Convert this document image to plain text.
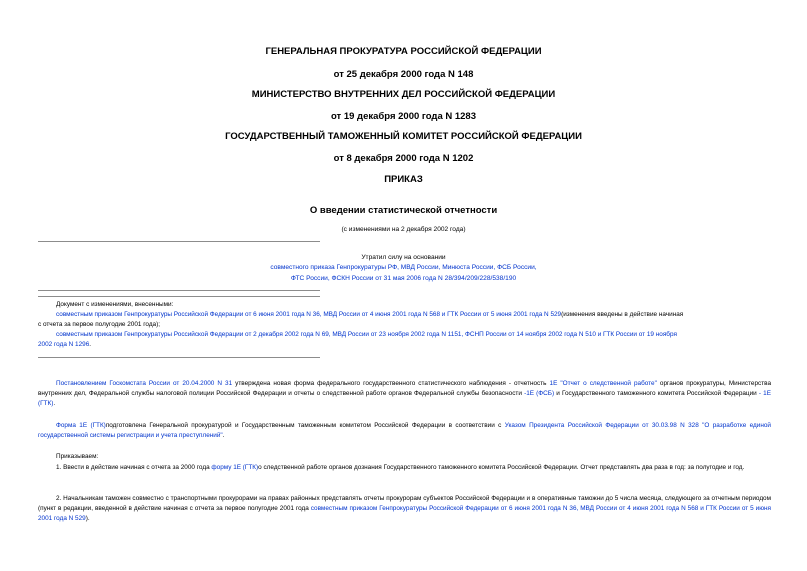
ГЕНЕРАЛЬНАЯ ПРОКУРАТУРА РОССИЙСКОЙ ФЕДЕРАЦИИ
от 25 декабря 2000 года N 148
МИНИСТЕРСТВО ВНУТРЕННИХ ДЕЛ РОССИЙСКОЙ ФЕДЕРАЦИИ
от 19 декабря 2000 года N 1283
ГОСУДАРСТВЕННЫЙ ТАМОЖЕННЫЙ КОМИТЕТ РОССИЙСКОЙ ФЕДЕРАЦИИ
от 8 декабря 2000 года N 1202
ПРИКАЗ
О введении статистической отчетности
(с изменениями на 2 декабря 2002 года)
Утратил силу на основании
совместного приказа Генпрокуратуры РФ, МВД России, Минюста России, ФСБ России,
ФТС России, ФСКН России от 31 мая 2006 года N 28/394/209/228/538/190
Документ с изменениями, внесенными:
совместным приказом Генпрокуратуры Российской Федерации от 6 июня 2001 года N 36, МВД России от 4 июня 2001 года N 568 и ГТК России от 5 июня 2001 года N 529(изменения введены в действие начиная
с отчета за первое полугодие 2001 года);
совместным приказом Генпрокуратуры Российской Федерации от 2 декабря 2002 года N 69, МВД России от 23 ноября 2002 года N 1151, ФСНП России от 14 ноября 2002 года N 510 и ГТК России от 19 ноября
2002 года N 1296.
Постановлением Госкомстата России от 20.04.2000 N 31 утверждена новая форма федерального государственного статистического наблюдения - отчетность 1Е "Отчет о следственной работе" органов прокуратуры, Министерства внутренних дел, Федеральной службы налоговой полиции Российской Федерации и отчеты о следственной работе органов Федеральной службы безопасности -1Е (ФСБ) и Государственного таможенного комитета Российской Федерации - 1Е (ГТК).
Форма 1Е (ГТК)подготовлена Генеральной прокуратурой и Государственным таможенным комитетом Российской Федерации в соответствии с Указом Президента Российской Федерации от 30.03.98 N 328 "О разработке единой государственной системы регистрации и учета преступлений".
Приказываем:
1. Ввести в действие начиная с отчета за 2000 года форму 1Е (ГТК)о следственной работе органов дознания Государственного таможенного комитета Российской Федерации. Отчет представлять два раза в год: за полугодие и год.
2. Начальникам таможен совместно с транспортными прокурорами на правах районных представлять отчеты прокурорам субъектов Российской Федерации и в оперативные таможни до 5 числа месяца, следующего за отчетным периодом (пункт в редакции, введенной в действие начиная с отчета за первое полугодие 2001 года совместным приказом Генпрокуратуры Российской Федерации от 6 июня 2001 года N 36, МВД России от 4 июня 2001 года N 568 и ГТК России от 5 июня 2001 года N 529).
